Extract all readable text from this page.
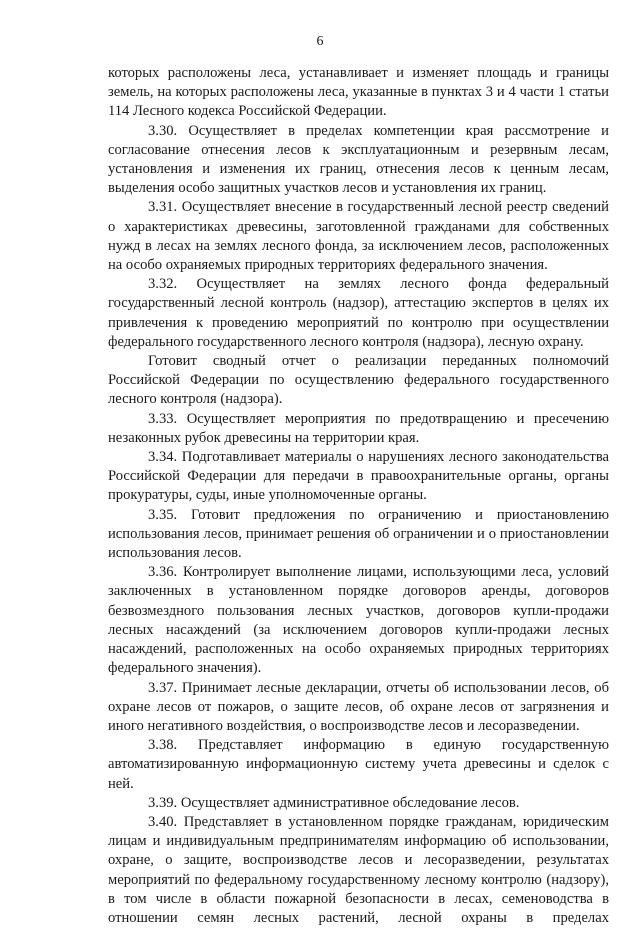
6

которых расположены леса, устанавливает и изменяет площадь и границы земель, на которых расположены леса, указанные в пунктах 3 и 4 части 1 статьи 114 Лесного кодекса Российской Федерации.

3.30. Осуществляет в пределах компетенции края рассмотрение и согласование отнесения лесов к эксплуатационным и резервным лесам, установления и изменения их границ, отнесения лесов к ценным лесам, выделения особо защитных участков лесов и установления их границ.

3.31. Осуществляет внесение в государственный лесной реестр сведений о характеристиках древесины, заготовленной гражданами для собственных нужд в лесах на землях лесного фонда, за исключением лесов, расположенных на особо охраняемых природных территориях федерального значения.

3.32. Осуществляет на землях лесного фонда федеральный государственный лесной контроль (надзор), аттестацию экспертов в целях их привлечения к проведению мероприятий по контролю при осуществлении федерального государственного лесного контроля (надзора), лесную охрану.

Готовит сводный отчет о реализации переданных полномочий Российской Федерации по осуществлению федерального государственного лесного контроля (надзора).

3.33. Осуществляет мероприятия по предотвращению и пресечению незаконных рубок древесины на территории края.

3.34. Подготавливает материалы о нарушениях лесного законодательства Российской Федерации для передачи в правоохранительные органы, органы прокуратуры, суды, иные уполномоченные органы.

3.35. Готовит предложения по ограничению и приостановлению использования лесов, принимает решения об ограничении и о приостановлении использования лесов.

3.36. Контролирует выполнение лицами, использующими леса, условий заключенных в установленном порядке договоров аренды, договоров безвозмездного пользования лесных участков, договоров купли-продажи лесных насаждений (за исключением договоров купли-продажи лесных насаждений, расположенных на особо охраняемых природных территориях федерального значения).

3.37. Принимает лесные декларации, отчеты об использовании лесов, об охране лесов от пожаров, о защите лесов, об охране лесов от загрязнения и иного негативного воздействия, о воспроизводстве лесов и лесоразведении.

3.38. Представляет информацию в единую государственную автоматизированную информационную систему учета древесины и сделок с ней.

3.39. Осуществляет административное обследование лесов.

3.40. Представляет в установленном порядке гражданам, юридическим лицам и индивидуальным предпринимателям информацию об использовании, охране, о защите, воспроизводстве лесов и лесоразведении, результатах мероприятий по федеральному государственному лесному контролю (надзору), в том числе в области пожарной безопасности в лесах, семеноводства в отношении семян лесных растений, лесной охраны в пределах
